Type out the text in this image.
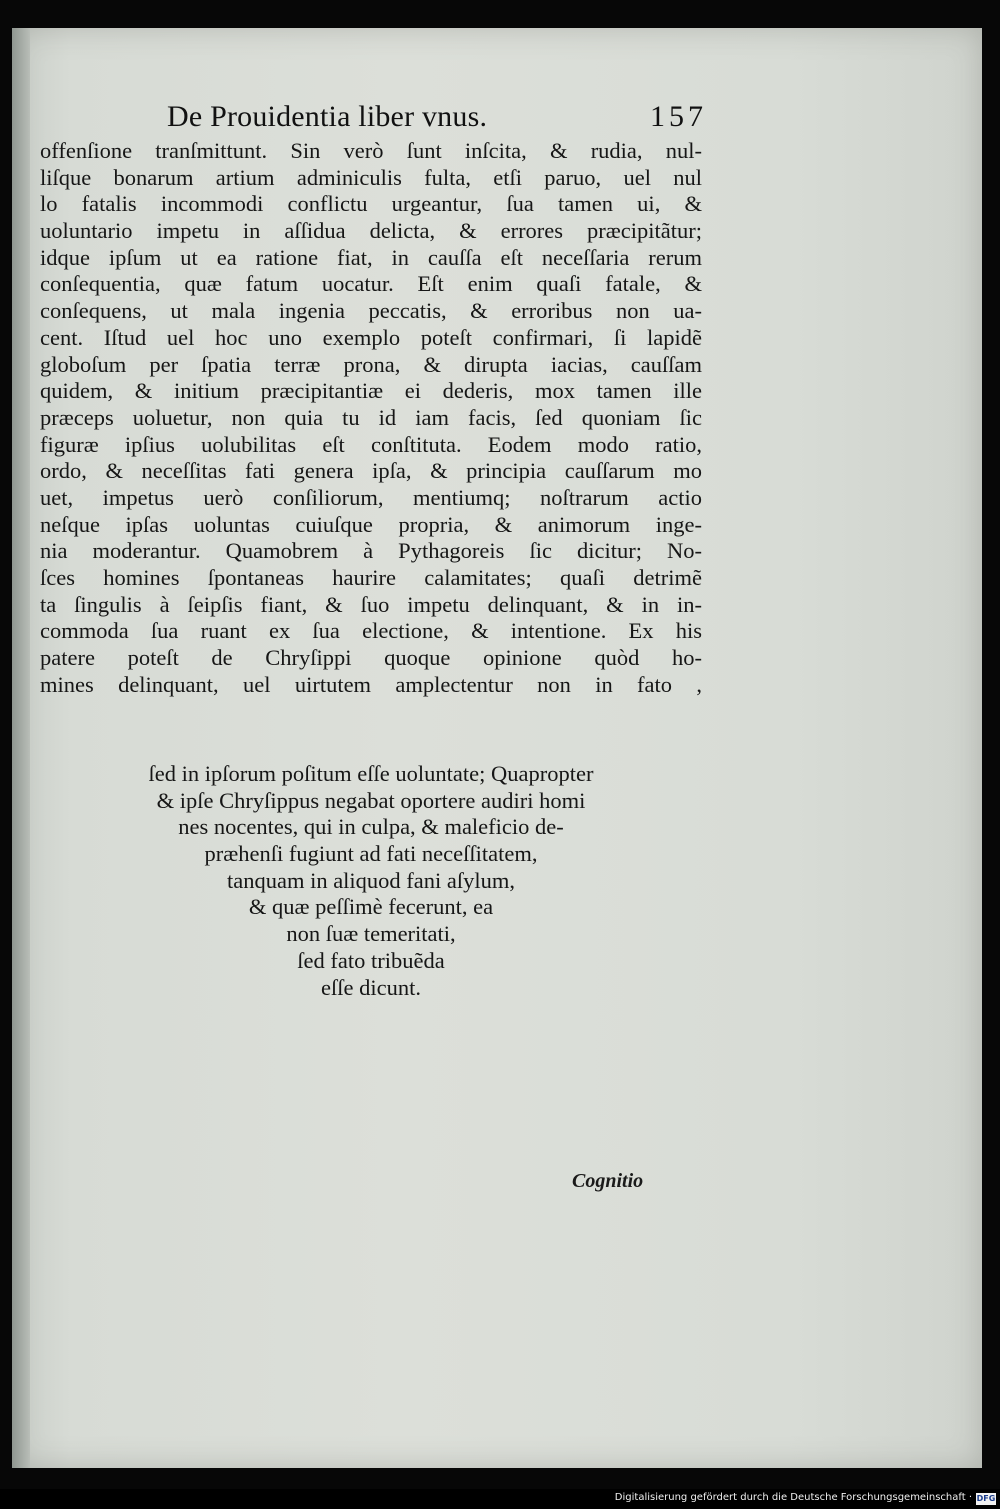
De Prouidentia liber vnus.	157
offenſione tranſmittunt. Sin verò ſunt inſcita, & rudia, nul-
liſque bonarum artium adminiculis fulta, etſi paruo, uel nul
lo fatalis incommodi conflictu urgeantur, ſua tamen ui, &
uoluntario impetu in aſſidua delicta, & errores præcipitãtur;
idque ipſum ut ea ratione fiat, in cauſſa eſt neceſſaria rerum
conſequentia, quæ fatum uocatur. Eſt enim quaſi fatale, &
conſequens, ut mala ingenia peccatis, & erroribus non ua-
cent. Iſtud uel hoc uno exemplo poteſt confirmari, ſi lapidẽ
globoſum per ſpatia terræ prona, & dirupta iacias, cauſſam
quidem, & initium præcipitantiæ ei dederis, mox tamen ille
præceps uoluetur, non quia tu id iam facis, ſed quoniam ſic
figuræ ipſius uolubilitas eſt conſtituta. Eodem modo ratio,
ordo, & neceſſitas fati genera ipſa, & principia cauſſarum mo
uet, impetus uerò conſiliorum, mentiumq; noſtrarum actio
neſque ipſas uoluntas cuiuſque propria, & animorum inge-
nia moderantur. Quamobrem à Pythagoreis ſic dicitur; No-
ſces homines ſpontaneas haurire calamitates; quaſi detrimẽ
ta ſingulis à ſeipſis fiant, & ſuo impetu delinquant, & in in-
commoda ſua ruant ex ſua electione, & intentione. Ex his
patere poteſt de Chryſippi quoque opinione quòd ho-
mines delinquant, uel uirtutem amplectentur non in fato ,
ſed in ipſorum poſitum eſſe uoluntate; Quapropter
& ipſe Chryſippus negabat oportere audiri homi
nes nocentes, qui in culpa, & maleficio de-
præhenſi fugiunt ad fati neceſſitatem,
tanquam in aliquod fani aſylum,
& quæ peſſimè fecerunt, ea
non ſuæ temeritati,
ſed fato tribuẽda
eſſe dicunt.
Cognitio
Digitalisierung gefördert durch die Deutsche Forschungsgemeinschaft · DFG
